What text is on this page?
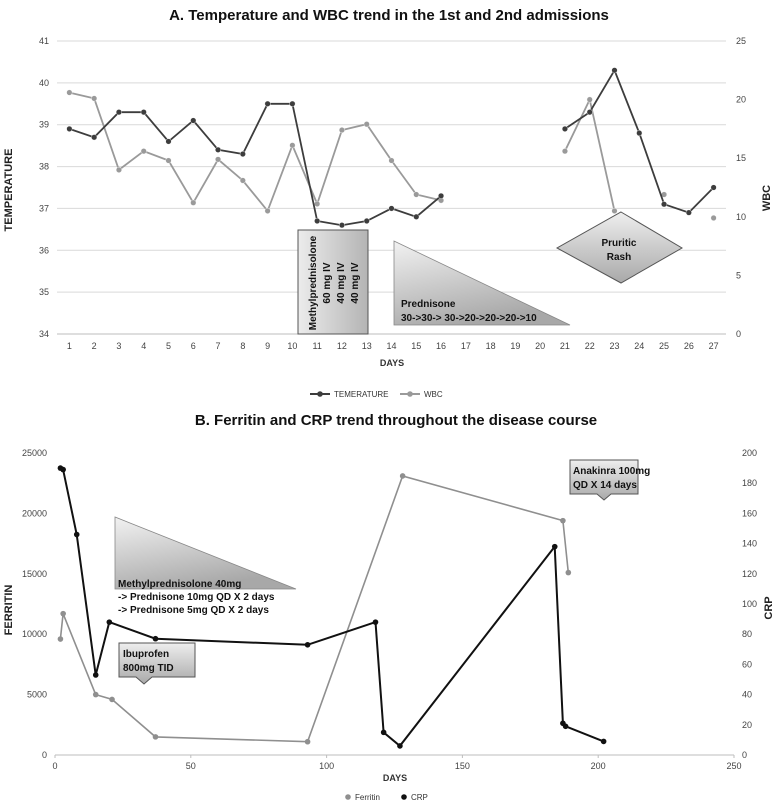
A. Temperature and WBC trend in the 1st and 2nd admissions
34
35
36
37
38
39
40
41
0
5
10
15
20
25
1 2 3 4 5 6 7 8 9 10 11 12 13 14 15 16 17 18 19 20 21 22 23 24 25 26 27
TEMPERATURE	WBC
DAYS
Methylprednisolone 60 mg IV 40 mg IV 40 mg IV
Prednisone
30->30-> 30->20->20->20->10
Pruritic
Rash
TEMERATURE	WBC
B. Ferritin and CRP trend throughout the disease course
0
5000
10000
15000
20000
25000
0
20
40
60
80
100
120
140
160
180
200
0	50	100	150	200	250
FERRITIN	CRP
DAYS
Methylprednisolone 40mg
-> Prednisone 10mg QD X 2 days
-> Prednisone 5mg QD X 2 days
Ibuprofen
800mg TID
Anakinra 100mg
QD X 14 days
Ferritin	CRP
